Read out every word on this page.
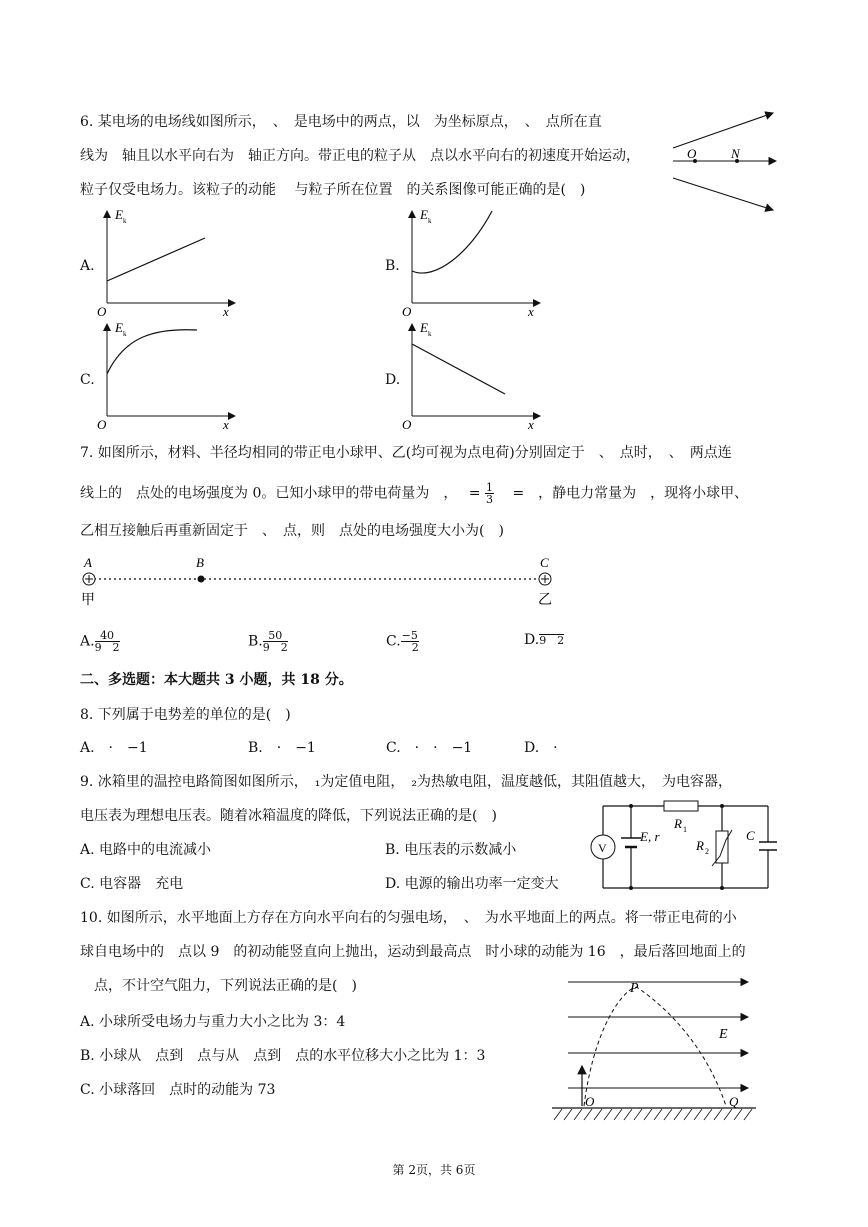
6. 某电场的电场线如图所示，　、　是电场中的两点，以　为坐标原点，　、　点所在直
线为　轴且以水平向右为　轴正方向。带正电的粒子从　点以水平向右的初速度开始运动，
粒子仅受电场力。该粒子的动能　 与粒子所在位置　的关系图像可能正确的是(　)
O	N
A.	B.
C.	D.
E k
O	x
E k
O	x
E k
O	x
E k
O	x
7. 如图所示，材料、半径均相同的带正电小球甲、乙(均可视为点电荷)分别固定于　、　点时，　、　两点连
线上的　点处的电场强度为 0。已知小球甲的带电荷量为　，　 = $\frac{1}{3}$ 　=　，静电力常量为　，现将小球甲、
乙相互接触后再重新固定于　、　点，则　点处的电场强度大小为(　)
A	B	C
甲	乙
A. $\frac{40}{9 2}$	B. $\frac{50}{9 2}$	C. $\frac{-5}{2}$	D. 9　2
二、多选题：本大题共 3 小题，共 18 分。
8. 下列属于电势差的单位的是(　)
A.　·　−1	B.　·　−1	C.　·　·　−1	D.　·
9. 冰箱里的温控电路简图如图所示，　₁为定值电阻，　₂为热敏电阻，温度越低，其阻值越大，　为电容器，
电压表为理想电压表。随着冰箱温度的降低，下列说法正确的是(　)
A. 电路中的电流减小	B. 电压表的示数减小
C. 电容器　充电	D. 电源的输出功率一定变大
V
E, r
R 1
R 2
C
10. 如图所示，水平地面上方存在方向水平向右的匀强电场，　、　为水平地面上的两点。将一带正电荷的小
球自电场中的　点以 9　的初动能竖直向上抛出，运动到最高点　时小球的动能为 16　，最后落回地面上的
　点，不计空气阻力，下列说法正确的是(　)
A. 小球所受电场力与重力大小之比为 3：4
B. 小球从　点到　点与从　点到　点的水平位移大小之比为 1：3
C. 小球落回　点时的动能为 73
P
E
O	Q
第 2页，共 6页
